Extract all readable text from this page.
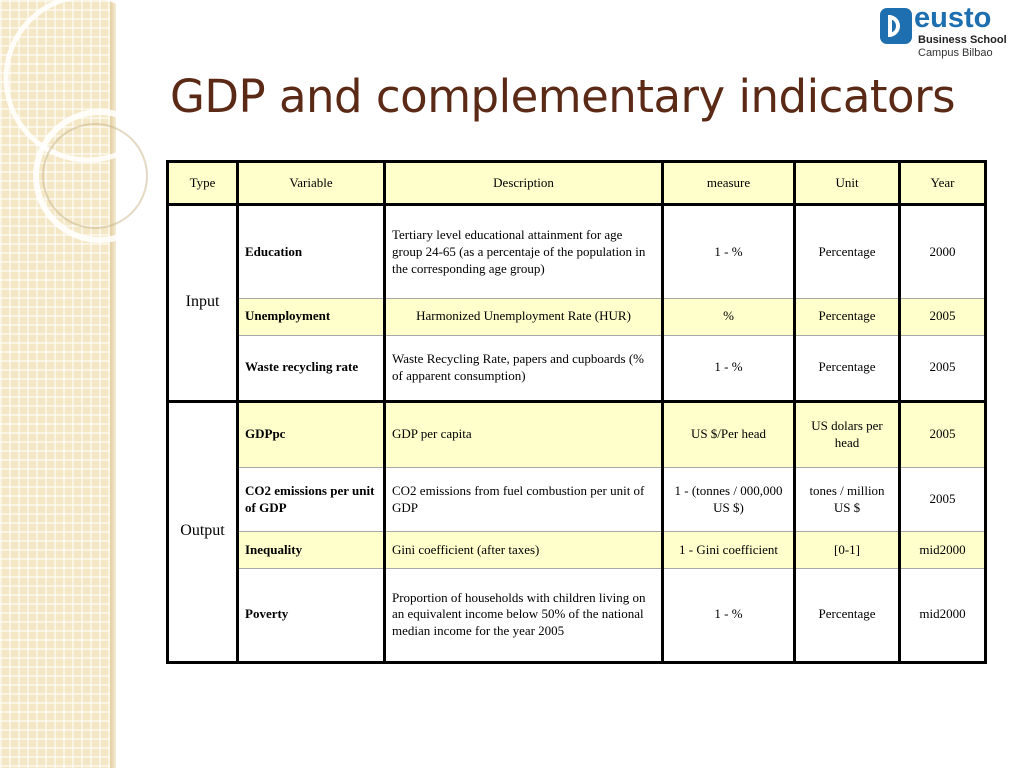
eusto
Business School
Campus Bilbao
GDP and complementary indicators
Type	Variable	Description	measure	Unit	Year
Input	Education	Tertiary level educational attainment for age group 24-65 (as a percentaje of the population in the corresponding age group)	1 - %	Percentage	2000
	Unemployment	Harmonized Unemployment Rate (HUR)	%	Percentage	2005
	Waste recycling rate	Waste Recycling Rate, papers and cupboards (% of apparent consumption)	1 - %	Percentage	2005
Output	GDPpc	GDP per capita	US $/Per head	US dolars per head	2005
	CO2 emissions per unit of GDP	CO2 emissions from fuel combustion per unit of GDP	1 - (tonnes / 000,000 US $)	tones / million US $	2005
	Inequality	Gini coefficient (after taxes)	1 - Gini coefficient	[0-1]	mid2000
	Poverty	Proportion of households with children living on an equivalent income below 50% of the national median income for the year 2005	1 - %	Percentage	mid2000
